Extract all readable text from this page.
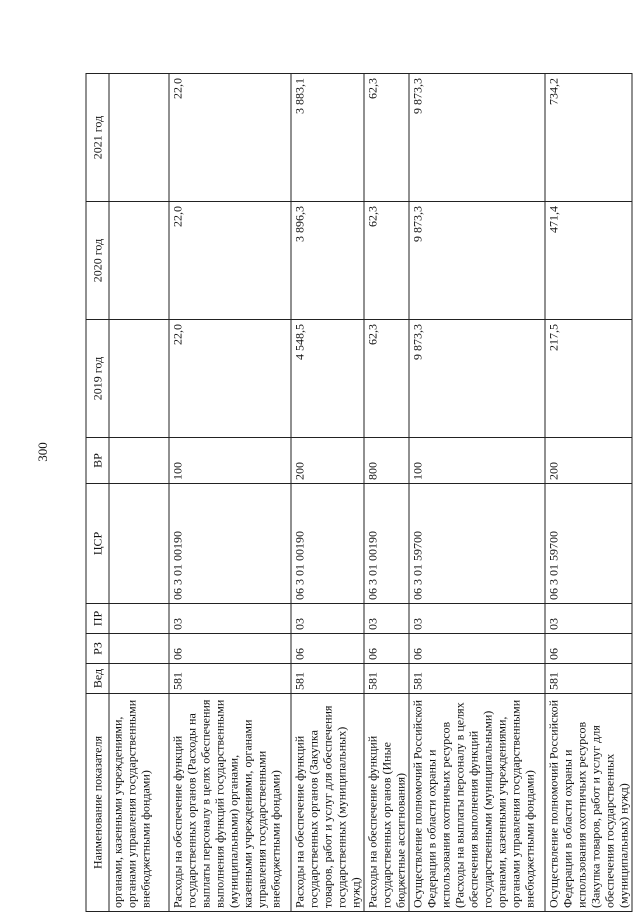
300
Наименование показателя	Вед	РЗ	ПР	ЦСР	ВР	2019 год	2020 год	2021 год
органами, казенными учреждениями, органами управления государственными внебюджетными фондами)								
Расходы на обеспечение функций государственных органов (Расходы на выплаты персоналу в целях обеспечения выполнения функций государственными (муниципальными) органами, казенными учреждениями, органами управления государственными внебюджетными фондами)	581	06	03	06 3 01 00190	100	22,0	22,0	22,0
Расходы на обеспечение функций государственных органов (Закупка товаров, работ и услуг для обеспечения государственных (муниципальных) нужд)	581	06	03	06 3 01 00190	200	4 548,5	3 896,3	3 883,1
Расходы на обеспечение функций государственных органов (Иные бюджетные ассигнования)	581	06	03	06 3 01 00190	800	62,3	62,3	62,3
Осуществление полномочий Российской Федерации в области охраны и использования охотничьих ресурсов (Расходы на выплаты персоналу в целях обеспечения выполнения функций государственными (муниципальными) органами, казенными учреждениями, органами управления государственными внебюджетными фондами)	581	06	03	06 3 01 59700	100	9 873,3	9 873,3	9 873,3
Осуществление полномочий Российской Федерации в области охраны и использования охотничьих ресурсов (Закупка товаров, работ и услуг для обеспечения государственных (муниципальных) нужд)	581	06	03	06 3 01 59700	200	217,5	471,4	734,2
